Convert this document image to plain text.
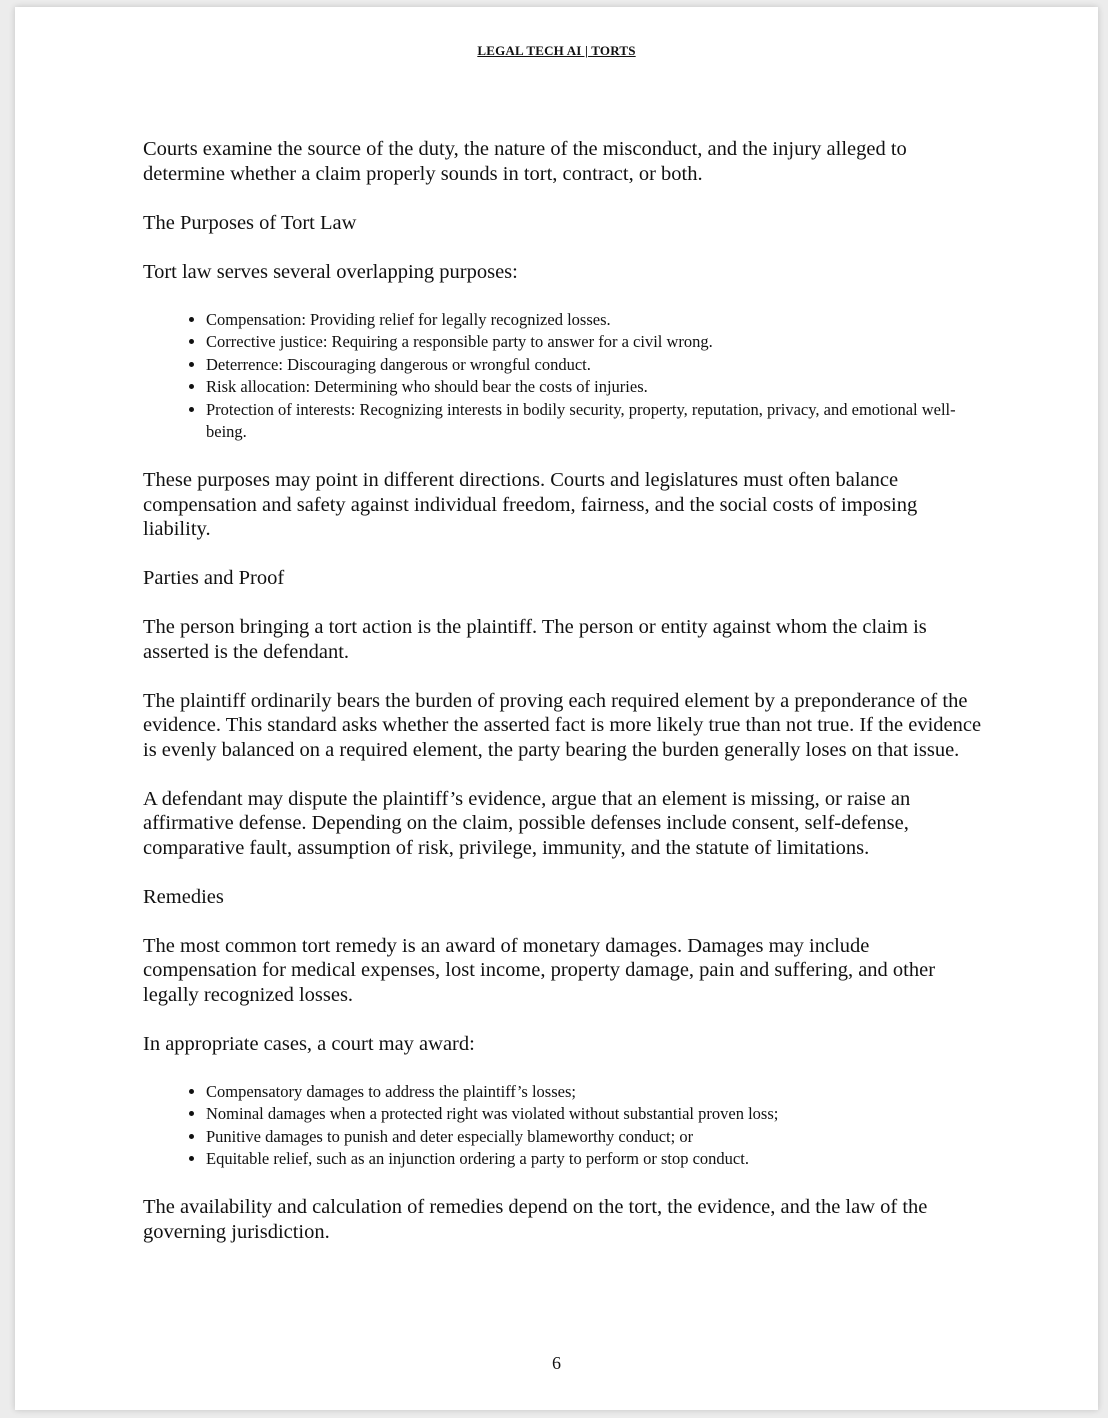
LEGAL TECH AI | TORTS

Courts examine the source of the duty, the nature of the misconduct, and the injury alleged to determine whether a claim properly sounds in tort, contract, or both.

The Purposes of Tort Law

Tort law serves several overlapping purposes:

• Compensation: Providing relief for legally recognized losses.
• Corrective justice: Requiring a responsible party to answer for a civil wrong.
• Deterrence: Discouraging dangerous or wrongful conduct.
• Risk allocation: Determining who should bear the costs of injuries.
• Protection of interests: Recognizing interests in bodily security, property, reputation, privacy, and emotional well-being.

These purposes may point in different directions. Courts and legislatures must often balance compensation and safety against individual freedom, fairness, and the social costs of imposing liability.

Parties and Proof

The person bringing a tort action is the plaintiff. The person or entity against whom the claim is asserted is the defendant.

The plaintiff ordinarily bears the burden of proving each required element by a preponderance of the evidence. This standard asks whether the asserted fact is more likely true than not true. If the evidence is evenly balanced on a required element, the party bearing the burden generally loses on that issue.

A defendant may dispute the plaintiff’s evidence, argue that an element is missing, or raise an affirmative defense. Depending on the claim, possible defenses include consent, self-defense, comparative fault, assumption of risk, privilege, immunity, and the statute of limitations.

Remedies

The most common tort remedy is an award of monetary damages. Damages may include compensation for medical expenses, lost income, property damage, pain and suffering, and other legally recognized losses.

In appropriate cases, a court may award:

• Compensatory damages to address the plaintiff’s losses;
• Nominal damages when a protected right was violated without substantial proven loss;
• Punitive damages to punish and deter especially blameworthy conduct; or
• Equitable relief, such as an injunction ordering a party to perform or stop conduct.

The availability and calculation of remedies depend on the tort, the evidence, and the law of the governing jurisdiction.

6
